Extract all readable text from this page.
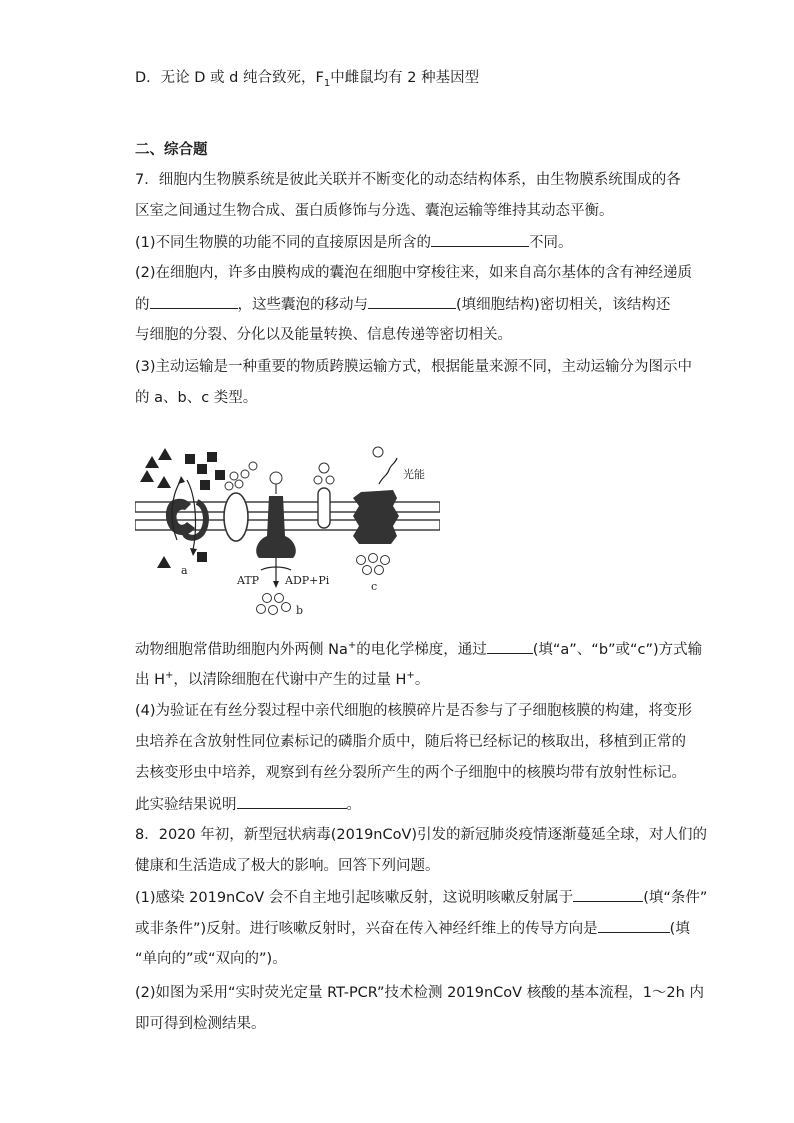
D．无论 D 或 d 纯合致死，$F_1$中雌鼠均有 2 种基因型
二、综合题
7．细胞内生物膜系统是彼此关联并不断变化的动态结构体系，由生物膜系统围成的各
区室之间通过生物合成、蛋白质修饰与分选、囊泡运输等维持其动态平衡。
(1)不同生物膜的功能不同的直接原因是所含的	不同。
(2)在细胞内，许多由膜构成的囊泡在细胞中穿梭往来，如来自高尔基体的含有神经递质
的	，这些囊泡的移动与	(填细胞结构)密切相关，该结构还
与细胞的分裂、分化以及能量转换、信息传递等密切相关。
(3)主动运输是一种重要的物质跨膜运输方式，根据能量来源不同，主动运输分为图示中
的 a、b、c 类型。
a
ATP ADP+Pi
b
光能
c
动物细胞常借助细胞内外两侧 Na+的电化学梯度，通过	(填“a”、“b”或“c”)方式输
出 H+，以清除细胞在代谢中产生的过量 H+。
(4)为验证在有丝分裂过程中亲代细胞的核膜碎片是否参与了子细胞核膜的构建，将变形
虫培养在含放射性同位素标记的磷脂介质中，随后将已经标记的核取出，移植到正常的
去核变形虫中培养，观察到有丝分裂所产生的两个子细胞中的核膜均带有放射性标记。
此实验结果说明	。
8．2020 年初，新型冠状病毒(2019nCoV)引发的新冠肺炎疫情逐渐蔓延全球，对人们的
健康和生活造成了极大的影响。回答下列问题。
(1)感染 2019nCoV 会不自主地引起咳嗽反射，这说明咳嗽反射属于	(填“条件”
或非条件”)反射。进行咳嗽反射时，兴奋在传入神经纤维上的传导方向是	(填
“单向的”或“双向的”)。
(2)如图为采用“实时荧光定量 RT-PCR”技术检测 2019nCoV 核酸的基本流程，1～2h 内
即可得到检测结果。
